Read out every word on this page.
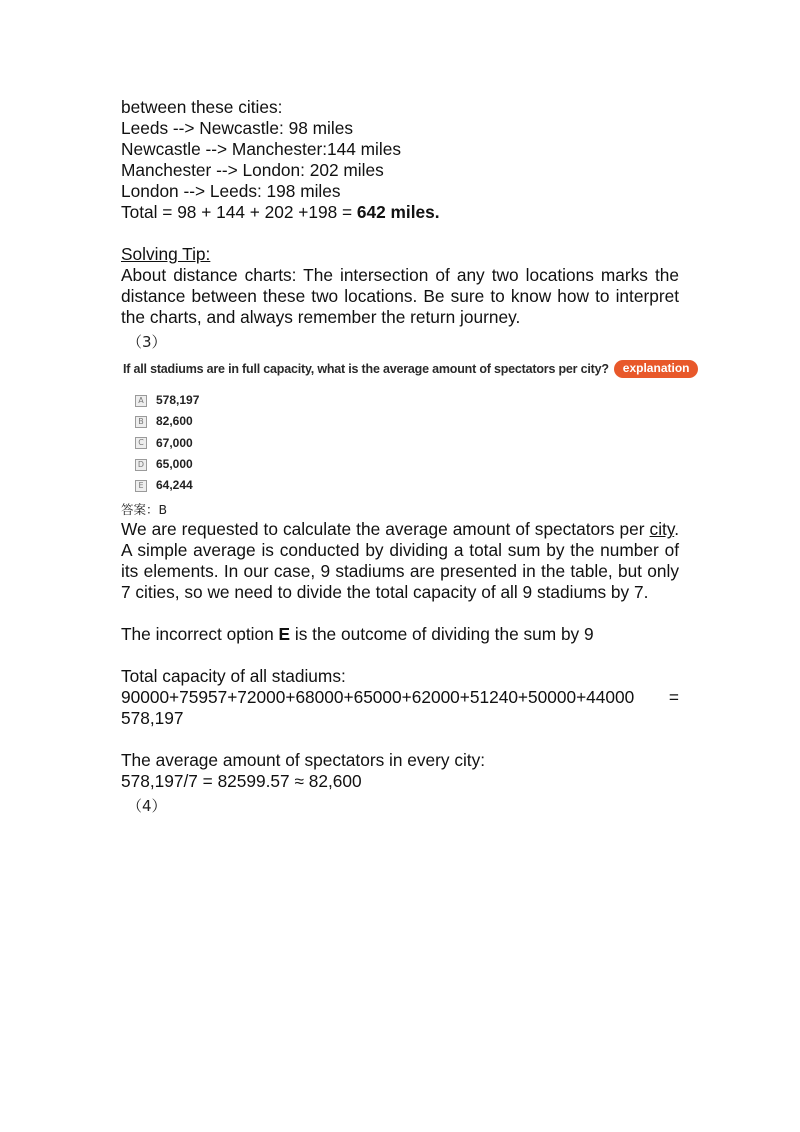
between these cities:
Leeds --> Newcastle: 98 miles
Newcastle --> Manchester:144 miles
Manchester --> London: 202 miles
London --> Leeds: 198 miles
Total = 98 + 144 + 202 +198 = 642 miles.
Solving Tip:
About distance charts: The intersection of any two locations marks the distance between these two locations. Be sure to know how to interpret the charts, and always remember the return journey.
（3）
If all stadiums are in full capacity, what is the average amount of spectators per city?	explanation
A 578,197
B 82,600
C 67,000
D 65,000
E 64,244
答案：B
We are requested to calculate the average amount of spectators per city. A simple average is conducted by dividing a total sum by the number of its elements. In our case, 9 stadiums are presented in the table, but only 7 cities, so we need to divide the total capacity of all 9 stadiums by 7.
The incorrect option E is the outcome of dividing the sum by 9
Total capacity of all stadiums:
90000+75957+72000+68000+65000+62000+51240+50000+44000 = 578,197
The average amount of spectators in every city:
578,197/7 = 82599.57 ≈ 82,600
（4）
